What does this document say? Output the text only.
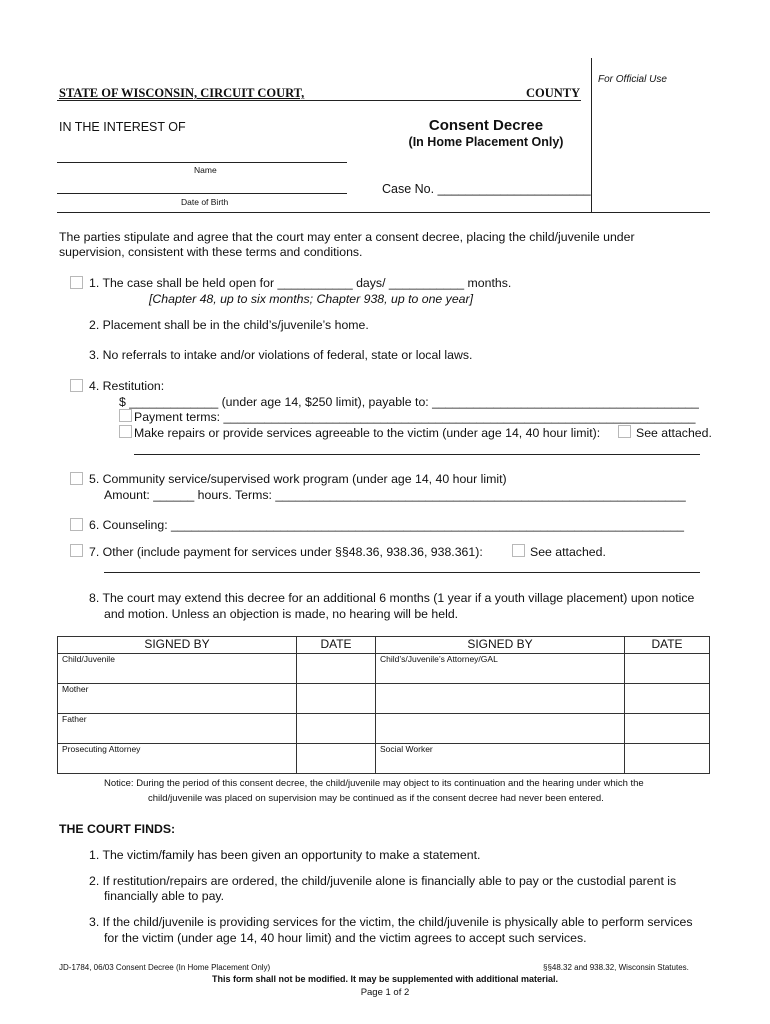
STATE OF WISCONSIN, CIRCUIT COURT,	COUNTY
For Official Use
IN THE INTEREST OF	Consent Decree
(In Home Placement Only)
Name
Date of Birth
Case No. ______________________
The parties stipulate and agree that the court may enter a consent decree, placing the child/juvenile under
supervision, consistent with these terms and conditions.
1. The case shall be held open for ___________ days/ ___________ months.
[Chapter 48, up to six months; Chapter 938, up to one year]
2. Placement shall be in the child’s/juvenile’s home.
3. No referrals to intake and/or violations of federal, state or local laws.
4. Restitution:
$ _____________ (under age 14, $250 limit), payable to: _______________________________________
Payment terms: _____________________________________________________________________
Make repairs or provide services agreeable to the victim (under age 14, 40 hour limit):	See attached.
5. Community service/supervised work program (under age 14, 40 hour limit)
Amount: ______ hours. Terms: ____________________________________________________________
6. Counseling: ___________________________________________________________________________
7. Other (include payment for services under §§48.36, 938.36, 938.361):	See attached.
8. The court may extend this decree for an additional 6 months (1 year if a youth village placement) upon notice
and motion. Unless an objection is made, no hearing will be held.
SIGNED BY	DATE	SIGNED BY	DATE
Child/Juvenile		Child’s/Juvenile’s Attorney/GAL	
Mother			
Father			
Prosecuting Attorney		Social Worker	
Notice: During the period of this consent decree, the child/juvenile may object to its continuation and the hearing under which the
child/juvenile was placed on supervision may be continued as if the consent decree had never been entered.
THE COURT FINDS:
1. The victim/family has been given an opportunity to make a statement.
2. If restitution/repairs are ordered, the child/juvenile alone is financially able to pay or the custodial parent is
financially able to pay.
3. If the child/juvenile is providing services for the victim, the child/juvenile is physically able to perform services
for the victim (under age 14, 40 hour limit) and the victim agrees to accept such services.
JD-1784, 06/03 Consent Decree (In Home Placement Only)	§§48.32 and 938.32, Wisconsin Statutes.
This form shall not be modified. It may be supplemented with additional material.
Page 1 of 2
